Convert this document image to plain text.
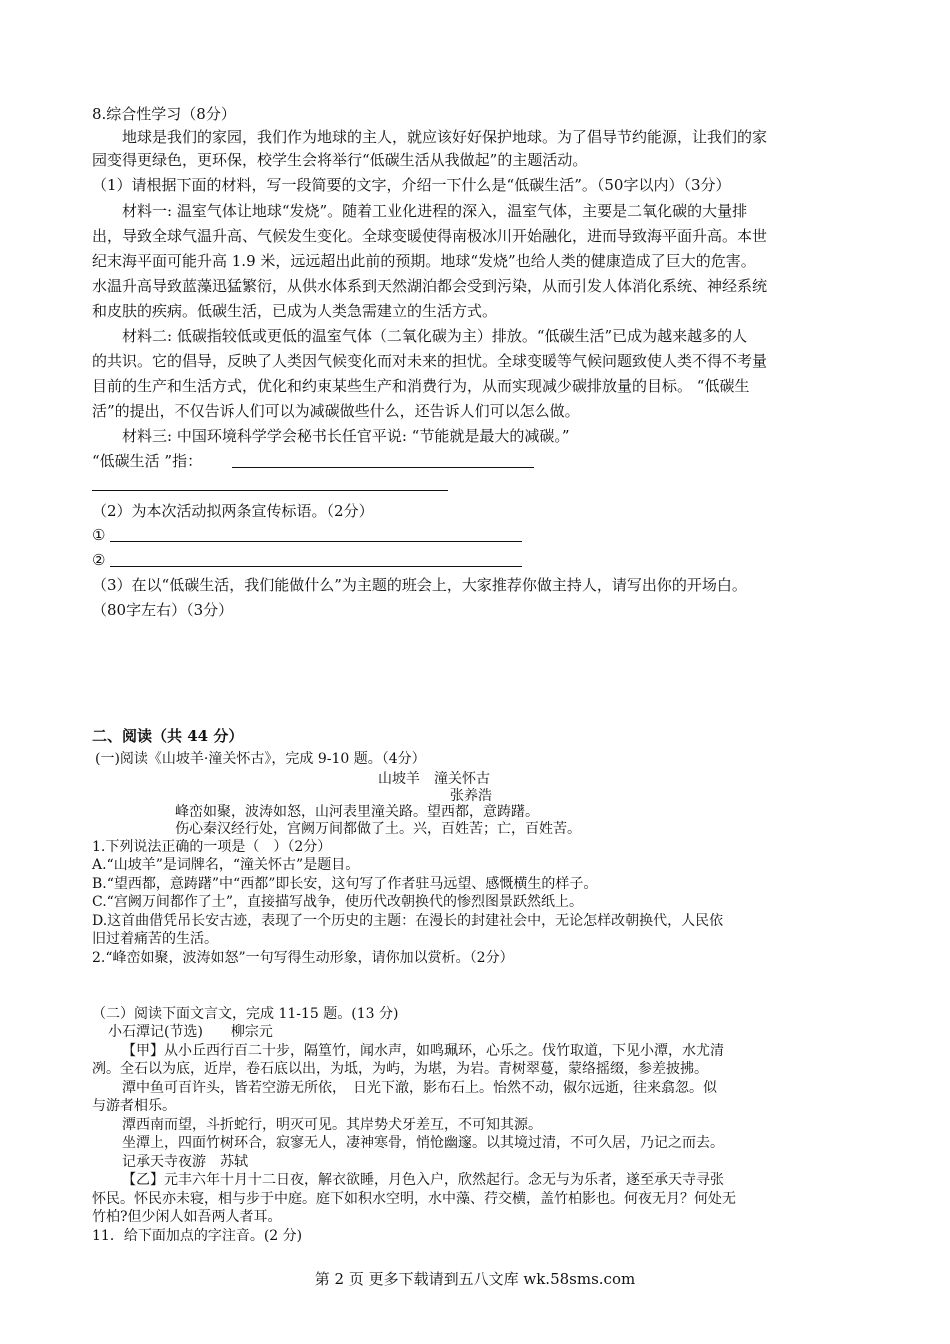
8.综合性学习（8分）
地球是我们的家园，我们作为地球的主人，就应该好好保护地球。为了倡导节约能源，让我们的家
园变得更绿色，更环保，校学生会将举行“低碳生活从我做起”的主题活动。
（1）请根据下面的材料，写一段简要的文字，介绍一下什么是“低碳生活”。（50字以内）（3分）
材料一: 温室气体让地球“发烧”。随着工业化进程的深入，温室气体，主要是二氧化碳的大量排
出，导致全球气温升高、气候发生变化。全球变暖使得南极冰川开始融化，进而导致海平面升高。本世
纪末海平面可能升高 1.9 米，远远超出此前的预期。地球“发烧”也给人类的健康造成了巨大的危害。
水温升高导致蓝藻迅猛繁衍，从供水体系到天然湖泊都会受到污染，从而引发人体消化系统、神经系统
和皮肤的疾病。低碳生活，已成为人类急需建立的生活方式。
材料二: 低碳指较低或更低的温室气体（二氧化碳为主）排放。“低碳生活”已成为越来越多的人
的共识。它的倡导，反映了人类因气候变化而对未来的担忧。全球变暖等气候问题致使人类不得不考量
目前的生产和生活方式，优化和约束某些生产和消费行为，从而实现减少碳排放量的目标。 “低碳生
活”的提出，不仅告诉人们可以为减碳做些什么，还告诉人们可以怎么做。
材料三: 中国环境科学学会秘书长任官平说: “节能就是最大的减碳。”
“低碳生活 ”指：
（2）为本次活动拟两条宣传标语。（2分）
①
②
（3）在以“低碳生活，我们能做什么”为主题的班会上，大家推荐你做主持人，请写出你的开场白。
（80字左右）（3分）
二、阅读（共 44 分）
(一)阅读《山坡羊·潼关怀古》，完成 9-10 题。（4分）
山坡羊　潼关怀古
张养浩
峰峦如聚，波涛如怒，山河表里潼关路。望西都，意踌躇。
伤心秦汉经行处，宫阙万间都做了土。兴，百姓苦；亡，百姓苦。
1.下列说法正确的一项是（　）（2分）
A.“山坡羊”是词牌名，“潼关怀古”是题目。
B.“望西都，意踌躇”中“西都”即长安，这句写了作者驻马远望、感慨横生的样子。
C.“宫阙万间都作了土”，直接描写战争，使历代改朝换代的惨烈图景跃然纸上。
D.这首曲借凭吊长安古迹，表现了一个历史的主题：在漫长的封建社会中，无论怎样改朝换代，人民依
旧过着痛苦的生活。
2.“峰峦如聚，波涛如怒”一句写得生动形象，请你加以赏析。（2分）
（二）阅读下面文言文，完成 11-15 题。(13 分)
小石潭记(节选)　　柳宗元
【甲】从小丘西行百二十步，隔篁竹，闻水声，如鸣珮环，心乐之。伐竹取道，下见小潭，水尤清
冽。全石以为底，近岸，卷石底以出，为坻，为屿，为堪，为岩。青树翠蔓，蒙络摇缀，参差披拂。
潭中鱼可百许头，皆若空游无所依，　日光下澈，影布石上。怡然不动，俶尔远逝，往来翕忽。似
与游者相乐。
潭西南而望，斗折蛇行，明灭可见。其岸势犬牙差互，不可知其源。
坐潭上，四面竹树环合，寂寥无人，凄神寒骨，悄怆幽邃。以其境过清，不可久居，乃记之而去。
记承天寺夜游　苏轼
【乙】元丰六年十月十二日夜，解衣欲睡，月色入户，欣然起行。念无与为乐者，遂至承天寺寻张
怀民。怀民亦未寝，相与步于中庭。庭下如积水空明，水中藻、荇交横，盖竹柏影也。何夜无月？何处无
竹柏?但少闲人如吾两人者耳。
11．给下面加点的字注音。(2 分)
第 2 页 更多下载请到五八文库 wk.58sms.com
